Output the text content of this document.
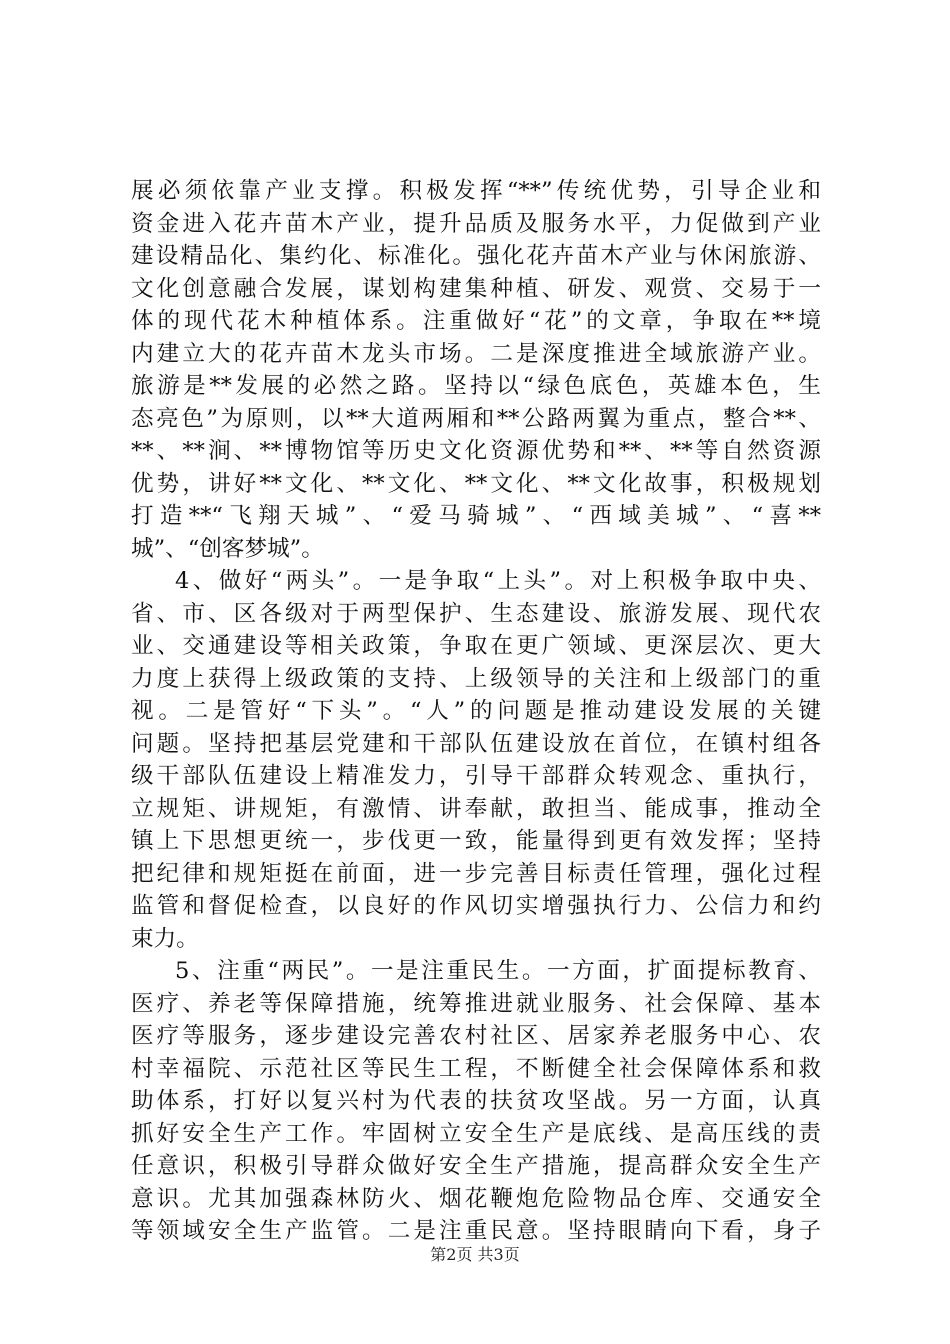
展必须依靠产业支撑。积极发挥“**”传统优势，引导企业和
资金进入花卉苗木产业，提升品质及服务水平，力促做到产业
建设精品化、集约化、标准化。强化花卉苗木产业与休闲旅游、
文化创意融合发展，谋划构建集种植、研发、观赏、交易于一
体的现代花木种植体系。注重做好“花”的文章，争取在**境
内建立大的花卉苗木龙头市场。二是深度推进全域旅游产业。
旅游是**发展的必然之路。坚持以“绿色底色，英雄本色，生
态亮色”为原则，以**大道两厢和**公路两翼为重点，整合**、
**、**涧、**博物馆等历史文化资源优势和**、**等自然资源
优势，讲好**文化、**文化、**文化、**文化故事，积极规划
打造**“飞翔天城”、“爱马骑城”、“西域美城”、“喜**
城”、“创客梦城”。
4、做好“两头”。一是争取“上头”。对上积极争取中央、
省、市、区各级对于两型保护、生态建设、旅游发展、现代农
业、交通建设等相关政策，争取在更广领域、更深层次、更大
力度上获得上级政策的支持、上级领导的关注和上级部门的重
视。二是管好“下头”。“人”的问题是推动建设发展的关键
问题。坚持把基层党建和干部队伍建设放在首位，在镇村组各
级干部队伍建设上精准发力，引导干部群众转观念、重执行，
立规矩、讲规矩，有激情、讲奉献，敢担当、能成事，推动全
镇上下思想更统一，步伐更一致，能量得到更有效发挥；坚持
把纪律和规矩挺在前面，进一步完善目标责任管理，强化过程
监管和督促检查，以良好的作风切实增强执行力、公信力和约
束力。
5、注重“两民”。一是注重民生。一方面，扩面提标教育、
医疗、养老等保障措施，统筹推进就业服务、社会保障、基本
医疗等服务，逐步建设完善农村社区、居家养老服务中心、农
村幸福院、示范社区等民生工程，不断健全社会保障体系和救
助体系，打好以复兴村为代表的扶贫攻坚战。另一方面，认真
抓好安全生产工作。牢固树立安全生产是底线、是高压线的责
任意识，积极引导群众做好安全生产措施，提高群众安全生产
意识。尤其加强森林防火、烟花鞭炮危险物品仓库、交通安全
等领域安全生产监管。二是注重民意。坚持眼睛向下看，身子
第2页 共3页
